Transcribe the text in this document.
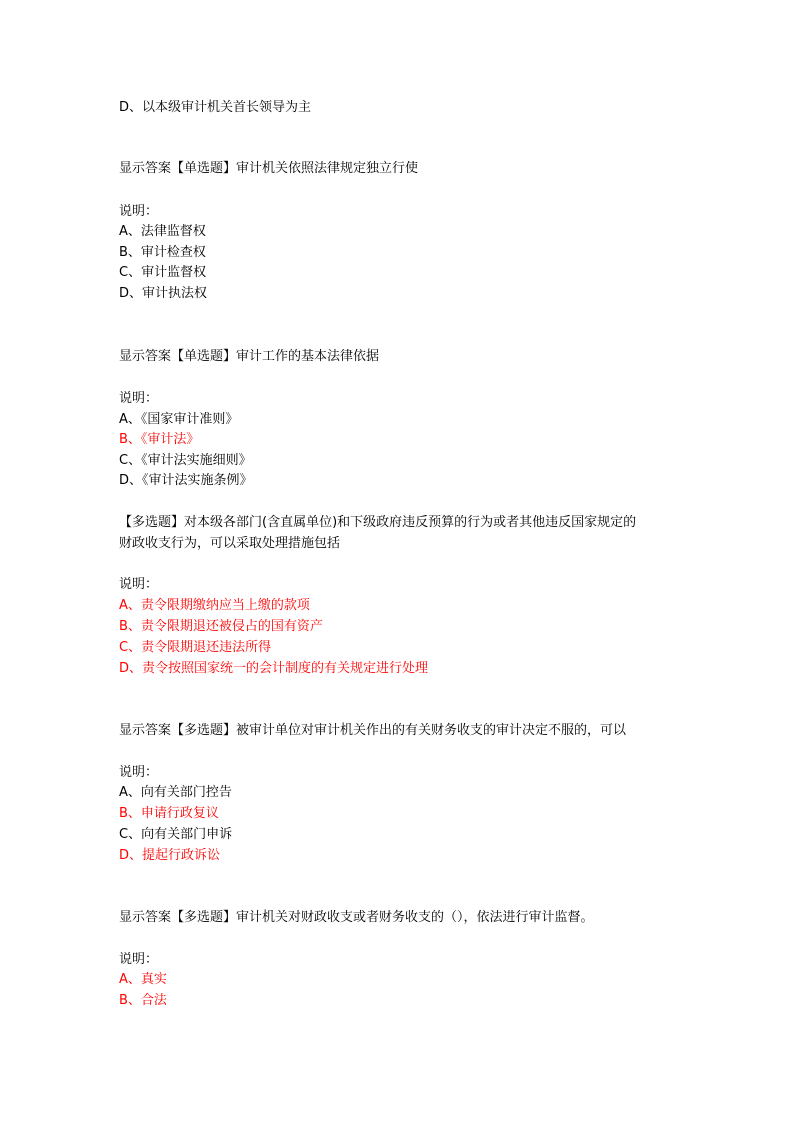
D、以本级审计机关首长领导为主
显示答案【单选题】审计机关依照法律规定独立行使
说明：
A、法律监督权
B、审计检查权
C、审计监督权
D、审计执法权
显示答案【单选题】审计工作的基本法律依据
说明：
A、《国家审计准则》
B、《审计法》
C、《审计法实施细则》
D、《审计法实施条例》
【多选题】对本级各部门(含直属单位)和下级政府违反预算的行为或者其他违反国家规定的
财政收支行为，可以采取处理措施包括
说明：
A、责令限期缴纳应当上缴的款项
B、责令限期退还被侵占的国有资产
C、责令限期退还违法所得
D、责令按照国家统一的会计制度的有关规定进行处理
显示答案【多选题】被审计单位对审计机关作出的有关财务收支的审计决定不服的，可以
说明：
A、向有关部门控告
B、申请行政复议
C、向有关部门申诉
D、提起行政诉讼
显示答案【多选题】审计机关对财政收支或者财务收支的（），依法进行审计监督。
说明：
A、真实
B、合法
